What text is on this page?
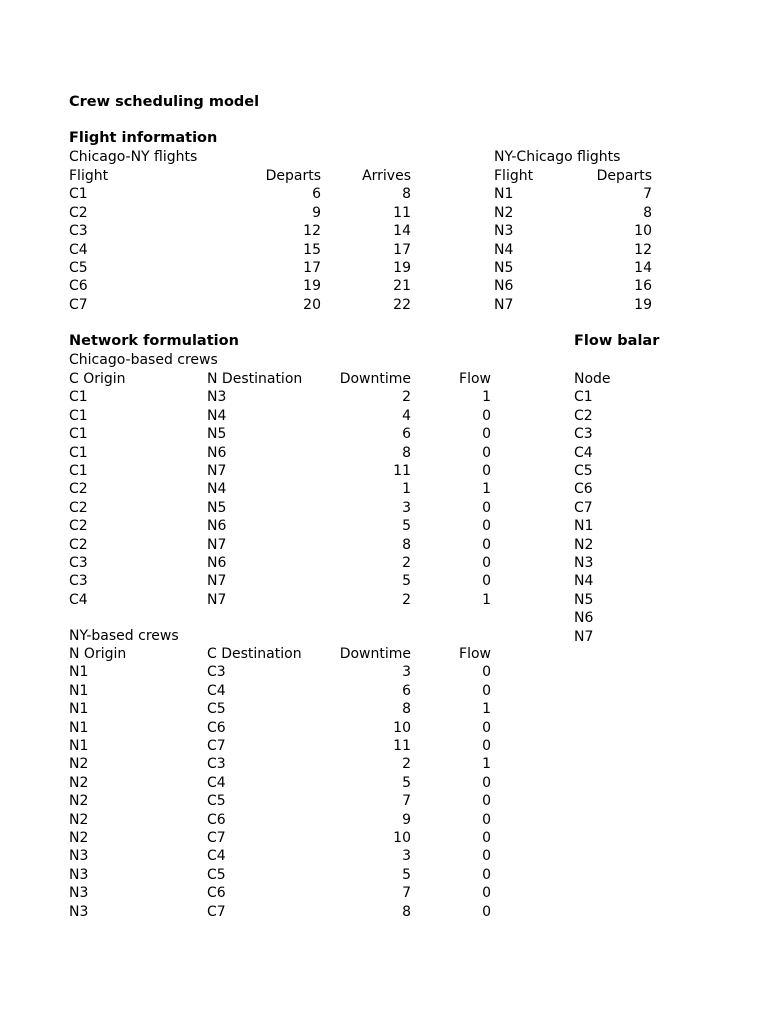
Crew scheduling model
Flight information
Chicago-NY flights	NY-Chicago flights
Network formulation
Chicago-based crews
NY-based crews
Flow balar
Flight	Departs	Arrives
C1	6	8
C2	9	11
C3	12	14
C4	15	17
C5	17	19
C6	19	21
C7	20	22
Flight	Departs
N1	7
N2	8
N3	10
N4	12
N5	14
N6	16
N7	19
C Origin	N Destination	Downtime	Flow
C1	N3	2	1
C1	N4	4	0
C1	N5	6	0
C1	N6	8	0
C1	N7	11	0
C2	N4	1	1
C2	N5	3	0
C2	N6	5	0
C2	N7	8	0
C3	N6	2	0
C3	N7	5	0
C4	N7	2	1
N Origin	C Destination	Downtime	Flow
N1	C3	3	0
N1	C4	6	0
N1	C5	8	1
N1	C6	10	0
N1	C7	11	0
N2	C3	2	1
N2	C4	5	0
N2	C5	7	0
N2	C6	9	0
N2	C7	10	0
N3	C4	3	0
N3	C5	5	0
N3	C6	7	0
N3	C7	8	0
Node
C1
C2
C3
C4
C5
C6
C7
N1
N2
N3
N4
N5
N6
N7
